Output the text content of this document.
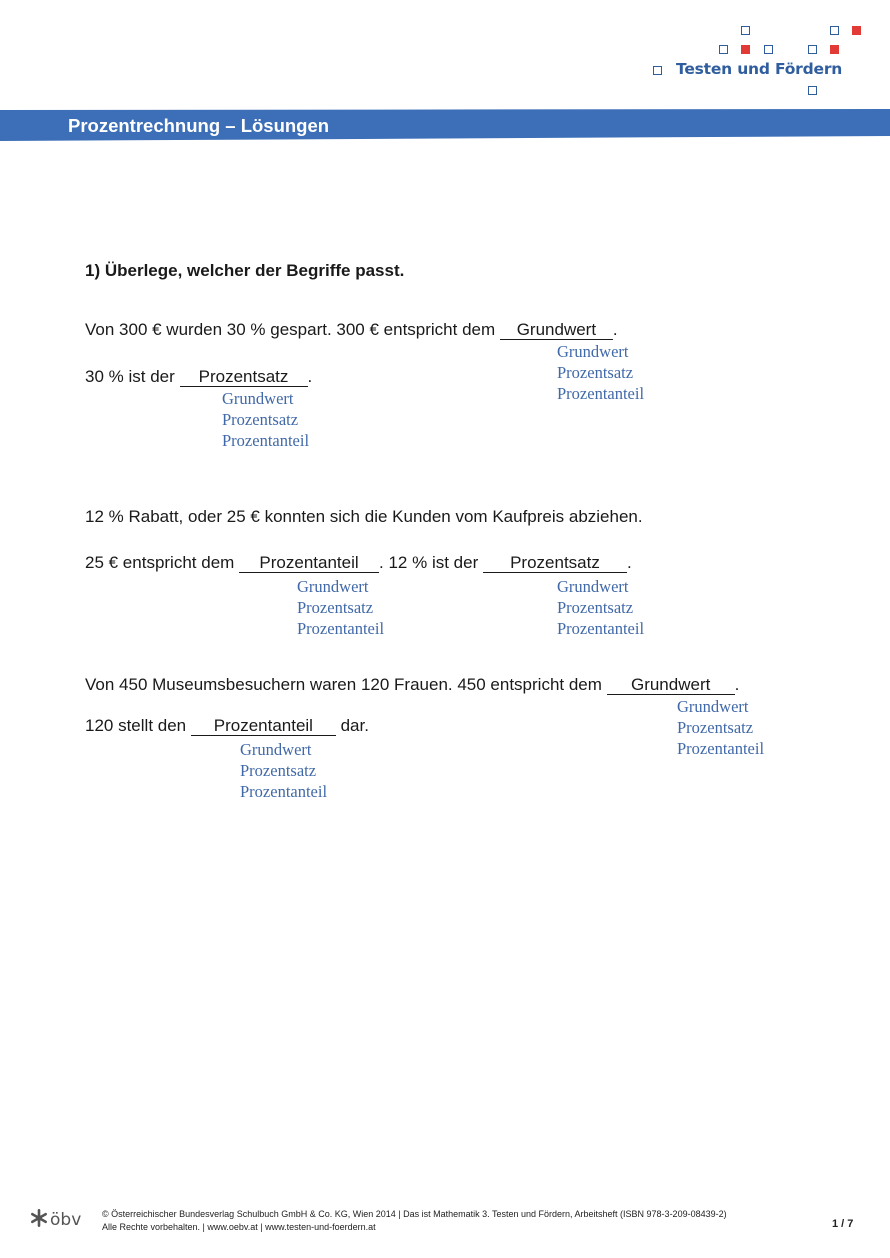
Testen und Fördern
Prozentrechnung – Lösungen
1) Überlege, welcher der Begriffe passt.
Von 300 € wurden 30 % gespart. 300 € entspricht dem Grundwert .
Grundwert
Prozentsatz
Prozentanteil
30 % ist der Prozentsatz .
Grundwert
Prozentsatz
Prozentanteil
12 % Rabatt, oder 25 € konnten sich die Kunden vom Kaufpreis abziehen.
25 € entspricht dem Prozentanteil . 12 % ist der Prozentsatz .
Grundwert
Prozentsatz
Prozentanteil
Grundwert
Prozentsatz
Prozentanteil
Von 450 Museumsbesuchern waren 120 Frauen. 450 entspricht dem Grundwert .
Grundwert
Prozentsatz
Prozentanteil
120 stellt den Prozentanteil dar.
Grundwert
Prozentsatz
Prozentanteil
öbv © Österreichischer Bundesverlag Schulbuch GmbH & Co. KG, Wien 2014 | Das ist Mathematik 3. Testen und Fördern, Arbeitsheft (ISBN 978-3-209-08439-2)
Alle Rechte vorbehalten. | www.oebv.at | www.testen-und-foerdern.at	1 / 7
